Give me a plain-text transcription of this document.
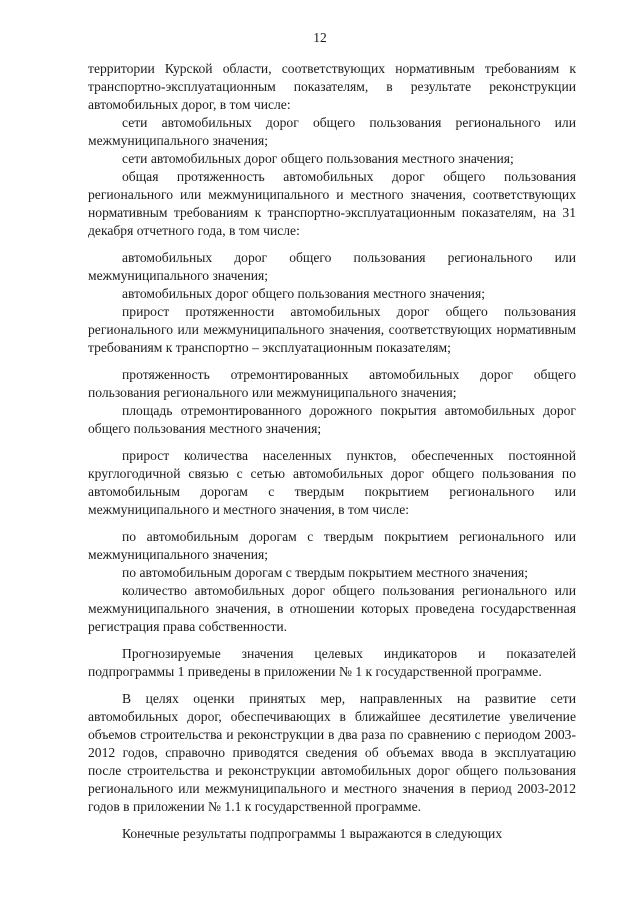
12

территории Курской области, соответствующих нормативным требованиям к транспортно-эксплуатационным показателям, в результате реконструкции автомобильных дорог, в том числе:

сети автомобильных дорог общего пользования регионального или межмуниципального значения;

сети автомобильных дорог общего пользования местного значения;

общая протяженность автомобильных дорог общего пользования регионального или межмуниципального и местного значения, соответствующих нормативным требованиям к транспортно-эксплуатационным показателям, на 31 декабря отчетного года, в том числе:

автомобильных дорог общего пользования регионального или межмуниципального значения;

автомобильных дорог общего пользования местного значения;

прирост протяженности автомобильных дорог общего пользования регионального или межмуниципального значения, соответствующих нормативным требованиям к транспортно – эксплуатационным показателям;

протяженность отремонтированных автомобильных дорог общего пользования регионального или межмуниципального значения;

площадь отремонтированного дорожного покрытия автомобильных дорог общего пользования местного значения;

прирост количества населенных пунктов, обеспеченных постоянной круглогодичной связью с сетью автомобильных дорог общего пользования по автомобильным дорогам с твердым покрытием регионального или межмуниципального и местного значения, в том числе:

по автомобильным дорогам с твердым покрытием регионального или межмуниципального значения;

по автомобильным дорогам с твердым покрытием местного значения;

количество автомобильных дорог общего пользования регионального или межмуниципального значения, в отношении которых проведена государственная регистрация права собственности.

Прогнозируемые значения целевых индикаторов и показателей подпрограммы 1 приведены в приложении № 1 к государственной программе.

В целях оценки принятых мер, направленных на развитие сети автомобильных дорог, обеспечивающих в ближайшее десятилетие увеличение объемов строительства и реконструкции в два раза по сравнению с периодом 2003-2012 годов, справочно приводятся сведения об объемах ввода в эксплуатацию после строительства и реконструкции автомобильных дорог общего пользования регионального или межмуниципального и местного значения в период 2003-2012 годов в приложении № 1.1 к государственной программе.

Конечные результаты подпрограммы 1 выражаются в следующих
